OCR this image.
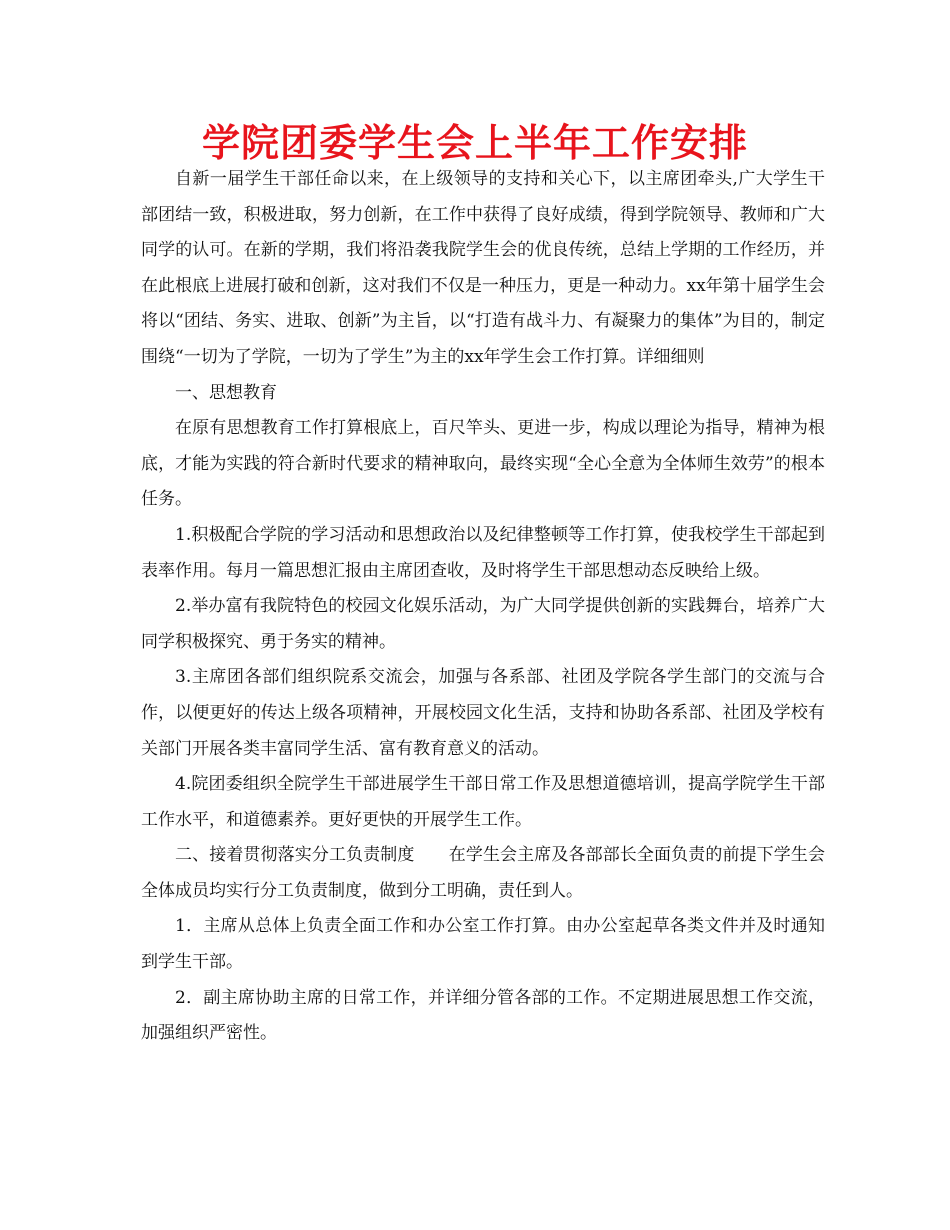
学院团委学生会上半年工作安排

自新一届学生干部任命以来，在上级领导的支持和关心下，以主席团牵头,广大学生干部团结一致，积极进取，努力创新，在工作中获得了良好成绩，得到学院领导、教师和广大同学的认可。在新的学期，我们将沿袭我院学生会的优良传统，总结上学期的工作经历，并在此根底上进展打破和创新，这对我们不仅是一种压力，更是一种动力。xx年第十届学生会将以“团结、务实、进取、创新”为主旨，以“打造有战斗力、有凝聚力的集体”为目的，制定围绕“一切为了学院，一切为了学生”为主的xx年学生会工作打算。详细细则

一、思想教育

在原有思想教育工作打算根底上，百尺竿头、更进一步，构成以理论为指导，精神为根底，才能为实践的符合新时代要求的精神取向，最终实现“全心全意为全体师生效劳”的根本任务。

1.积极配合学院的学习活动和思想政治以及纪律整顿等工作打算，使我校学生干部起到表率作用。每月一篇思想汇报由主席团查收，及时将学生干部思想动态反映给上级。

2.举办富有我院特色的校园文化娱乐活动，为广大同学提供创新的实践舞台，培养广大同学积极探究、勇于务实的精神。

3.主席团各部们组织院系交流会，加强与各系部、社团及学院各学生部门的交流与合作，以便更好的传达上级各项精神，开展校园文化生活，支持和协助各系部、社团及学校有关部门开展各类丰富同学生活、富有教育意义的活动。

4.院团委组织全院学生干部进展学生干部日常工作及思想道德培训，提高学院学生干部工作水平，和道德素养。更好更快的开展学生工作。

二、接着贯彻落实分工负责制度　　在学生会主席及各部部长全面负责的前提下学生会全体成员均实行分工负责制度，做到分工明确，责任到人。

1．主席从总体上负责全面工作和办公室工作打算。由办公室起草各类文件并及时通知到学生干部。

2．副主席协助主席的日常工作，并详细分管各部的工作。不定期进展思想工作交流，加强组织严密性。
